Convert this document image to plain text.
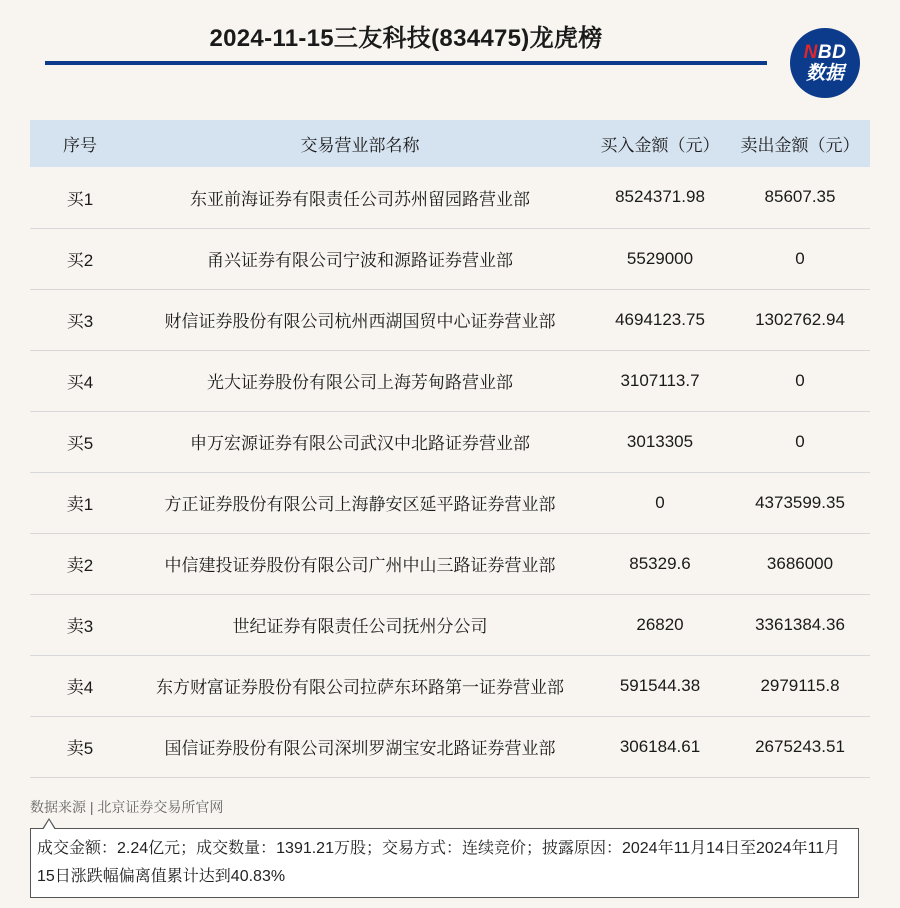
2024-11-15三友科技(834475)龙虎榜
NBD
数据
序号	交易营业部名称	买入金额（元）	卖出金额（元）
买1	东亚前海证券有限责任公司苏州留园路营业部	8524371.98	85607.35
买2	甬兴证券有限公司宁波和源路证券营业部	5529000	0
买3	财信证券股份有限公司杭州西湖国贸中心证券营业部	4694123.75	1302762.94
买4	光大证券股份有限公司上海芳甸路营业部	3107113.7	0
买5	申万宏源证券有限公司武汉中北路证券营业部	3013305	0
卖1	方正证券股份有限公司上海静安区延平路证券营业部	0	4373599.35
卖2	中信建投证券股份有限公司广州中山三路证券营业部	85329.6	3686000
卖3	世纪证券有限责任公司抚州分公司	26820	3361384.36
卖4	东方财富证券股份有限公司拉萨东环路第一证券营业部	591544.38	2979115.8
卖5	国信证券股份有限公司深圳罗湖宝安北路证券营业部	306184.61	2675243.51
数据来源 | 北京证券交易所官网
成交金额：2.24亿元；成交数量：1391.21万股；交易方式：连续竞价；披露原因：2024年11月14日至2024年11月15日涨跌幅偏离值累计达到40.83%
